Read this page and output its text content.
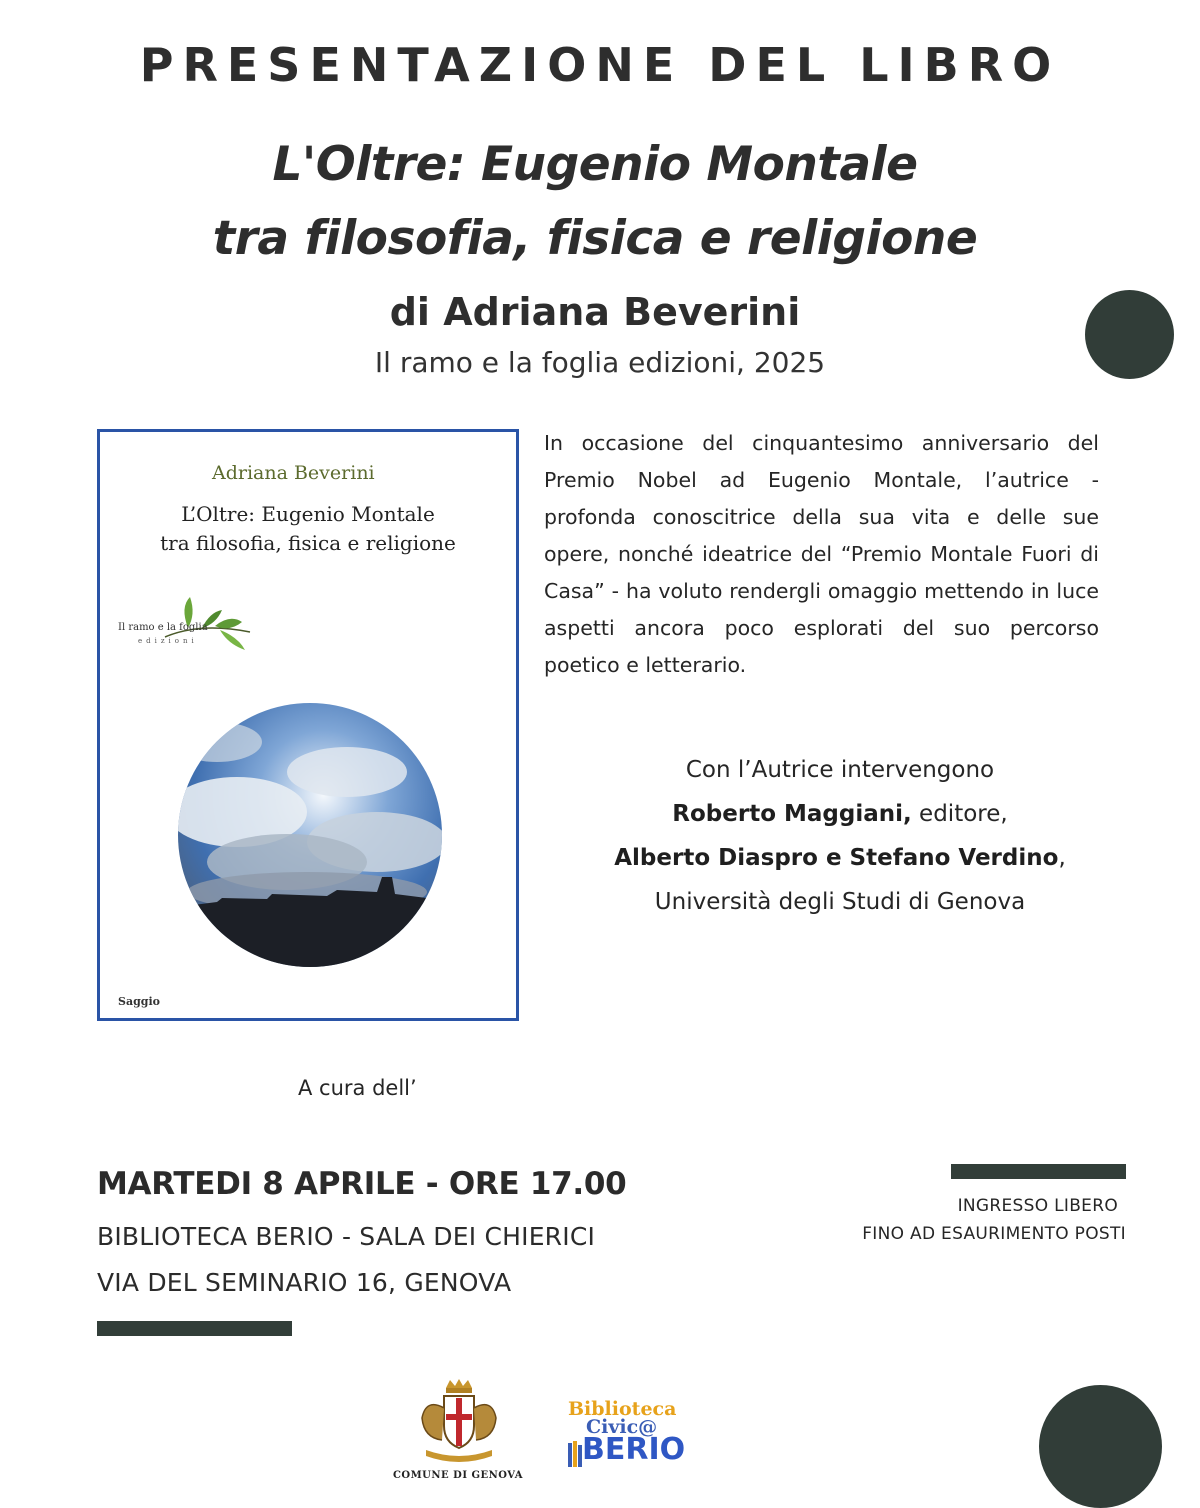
PRESENTAZIONE DEL LIBRO
L'Oltre: Eugenio Montale
tra filosofia, fisica e religione
di Adriana Beverini
Il ramo e la foglia edizioni, 2025
Adriana Beverini
L’Oltre: Eugenio Montale
tra filosofia, fisica e religione
Il ramo e la foglia
edizioni
Saggio
In occasione del cinquantesimo anniversario del Premio Nobel ad Eugenio Montale, l’autrice - profonda conoscitrice della sua vita e delle sue opere, nonché ideatrice del “Premio Montale Fuori di Casa” - ha voluto rendergli omaggio mettendo in luce aspetti ancora poco esplorati del suo percorso poetico e letterario.
Con l’Autrice intervengono
Roberto Maggiani, editore,
Alberto Diaspro e Stefano Verdino,
Università degli Studi di Genova
A cura dell’
MARTEDI 8 APRILE - ORE 17.00
BIBLIOTECA BERIO - SALA DEI CHIERICI
VIA DEL SEMINARIO 16, GENOVA
INGRESSO LIBERO
FINO AD ESAURIMENTO POSTI
COMUNE DI GENOVA
Biblioteca
Civic@
BERIO
